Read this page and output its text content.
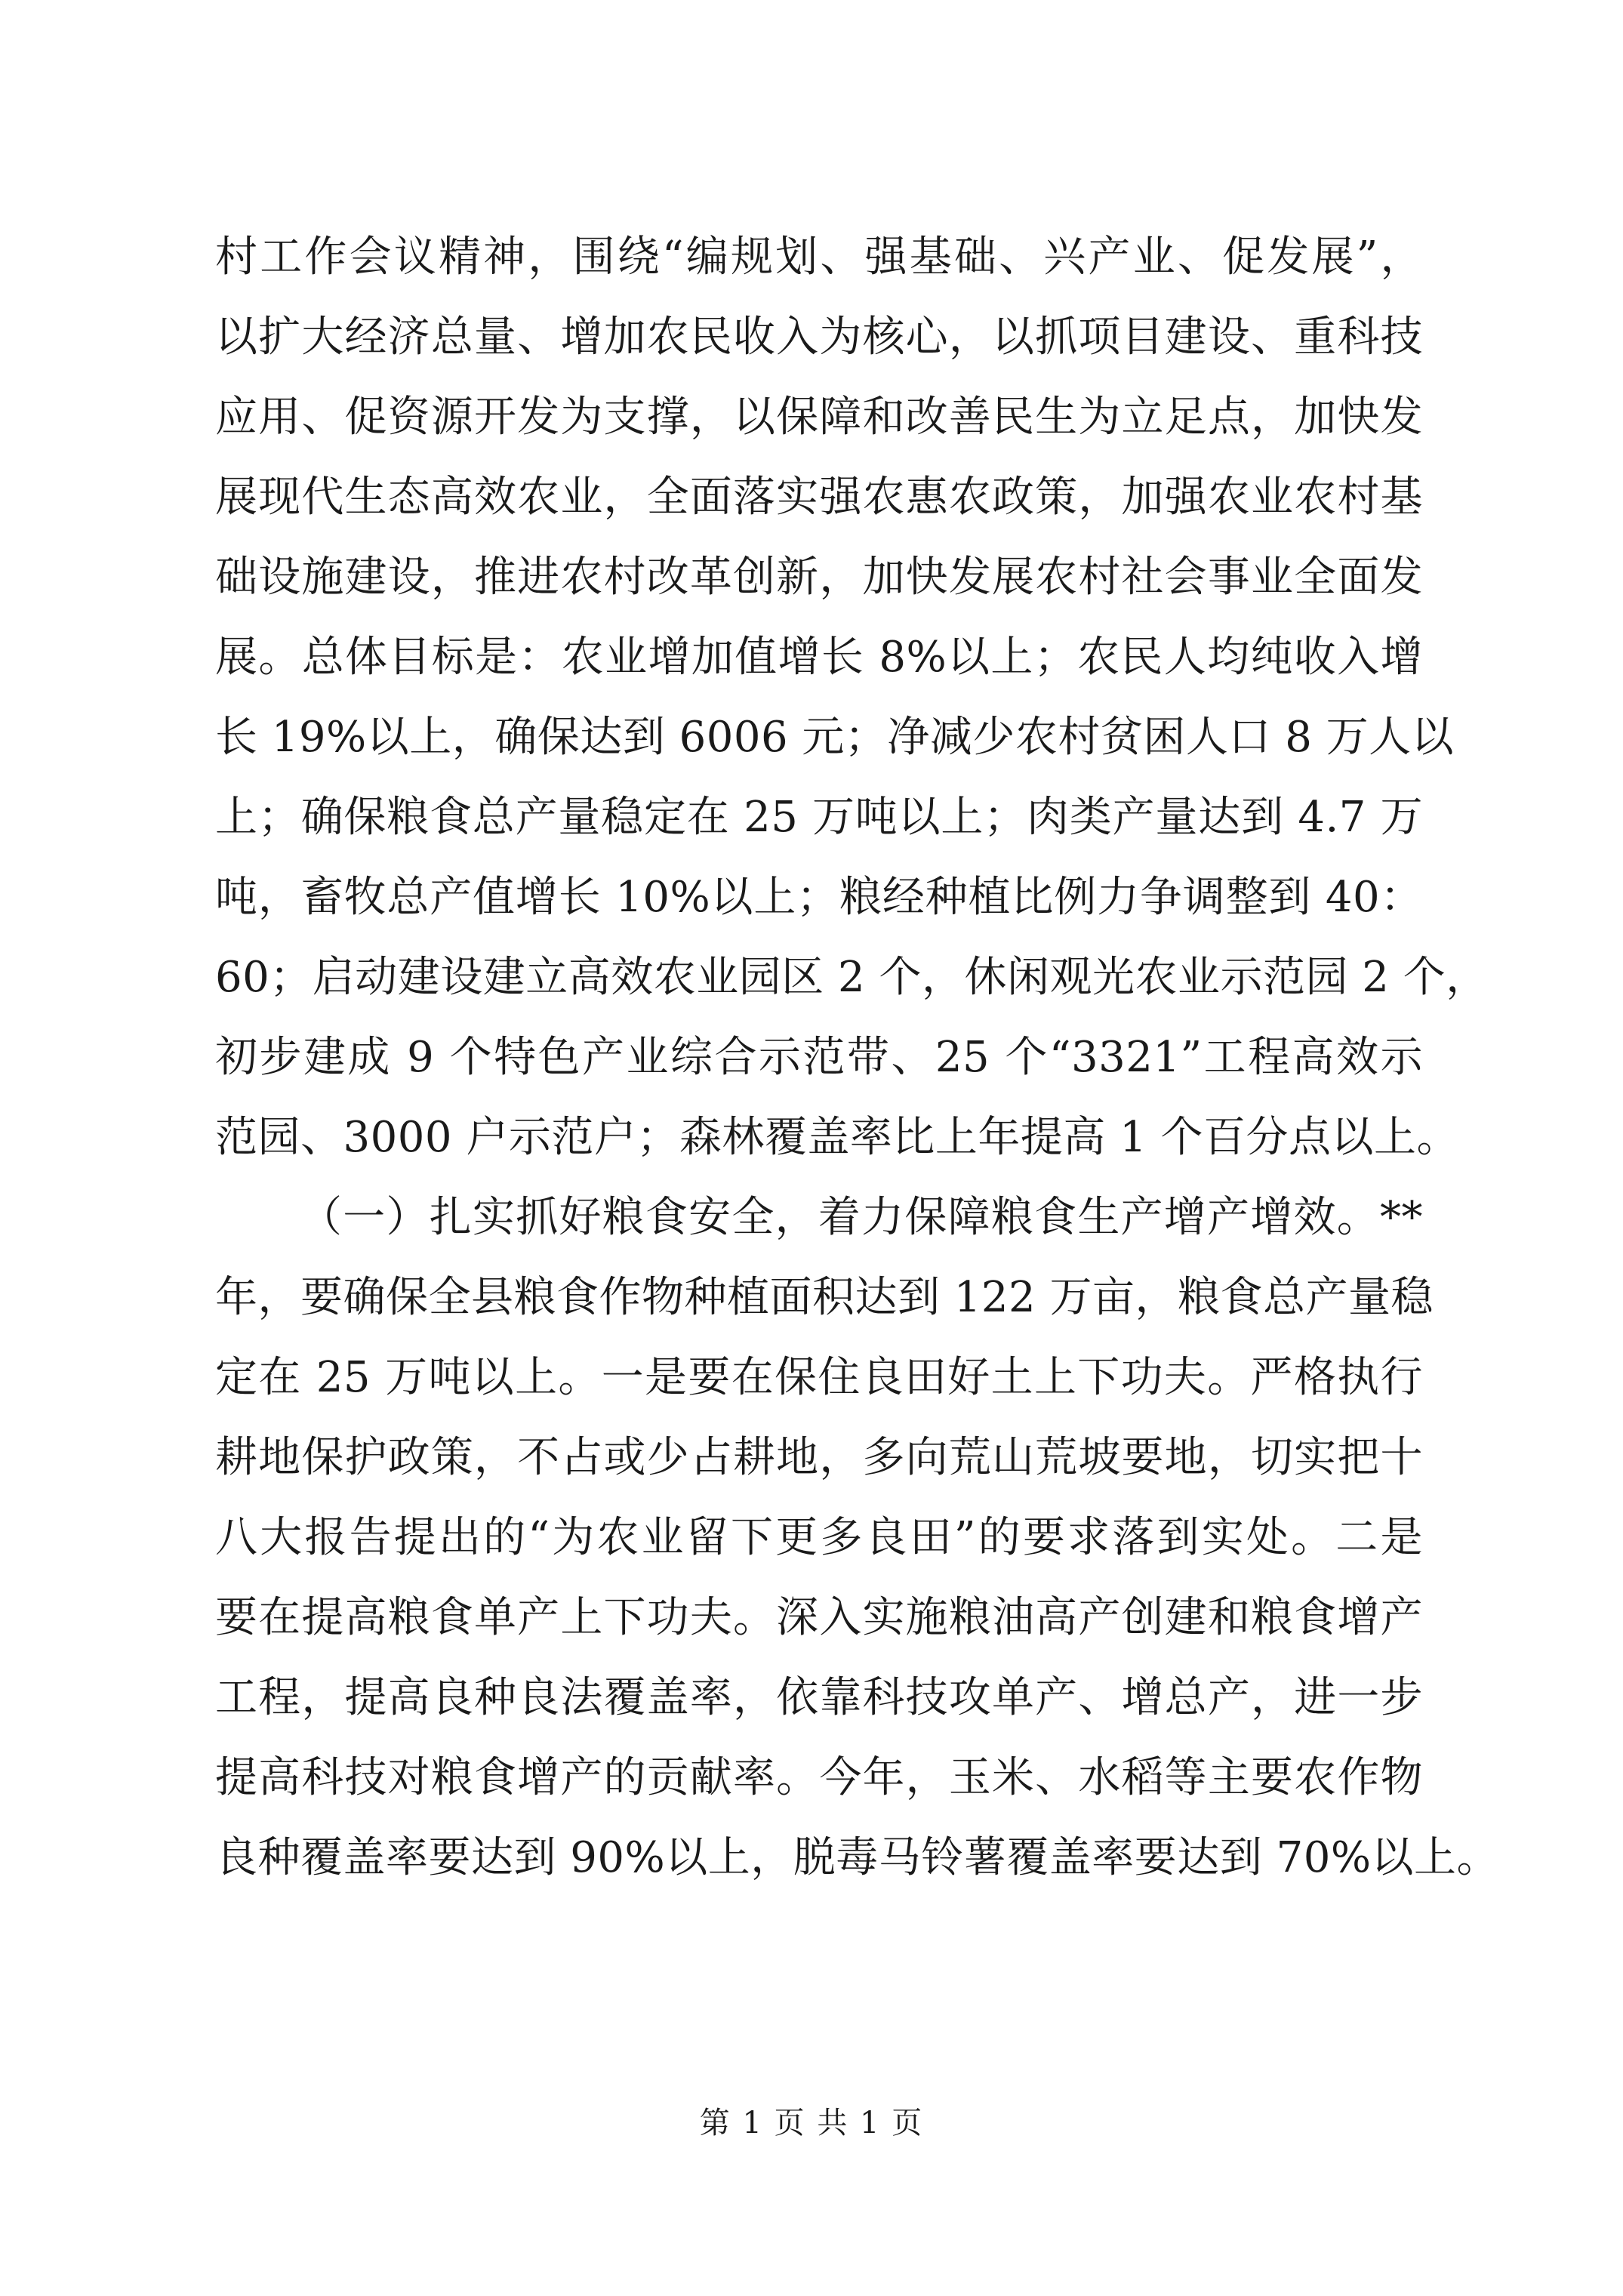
村工作会议精神，围绕“编规划、强基础、兴产业、促发展”，
以扩大经济总量、增加农民收入为核心，以抓项目建设、重科技
应用、促资源开发为支撑，以保障和改善民生为立足点，加快发
展现代生态高效农业，全面落实强农惠农政策，加强农业农村基
础设施建设，推进农村改革创新，加快发展农村社会事业全面发
展。总体目标是：农业增加值增长 8%以上；农民人均纯收入增
长 19%以上，确保达到 6006 元；净减少农村贫困人口 8 万人以
上；确保粮食总产量稳定在 25 万吨以上；肉类产量达到 4.7 万
吨，畜牧总产值增长 10%以上；粮经种植比例力争调整到 40：
60；启动建设建立高效农业园区 2 个，休闲观光农业示范园 2 个，
初步建成 9 个特色产业综合示范带、25 个“3321”工程高效示
范园、3000 户示范户；森林覆盖率比上年提高 1 个百分点以上。
（一）扎实抓好粮食安全，着力保障粮食生产增产增效。**
年，要确保全县粮食作物种植面积达到 122 万亩，粮食总产量稳
定在 25 万吨以上。一是要在保住良田好土上下功夫。严格执行
耕地保护政策，不占或少占耕地，多向荒山荒坡要地，切实把十
八大报告提出的“为农业留下更多良田”的要求落到实处。二是
要在提高粮食单产上下功夫。深入实施粮油高产创建和粮食增产
工程，提高良种良法覆盖率，依靠科技攻单产、增总产，进一步
提高科技对粮食增产的贡献率。今年，玉米、水稻等主要农作物
良种覆盖率要达到 90%以上，脱毒马铃薯覆盖率要达到 70%以上。
第 1 页 共 1 页
